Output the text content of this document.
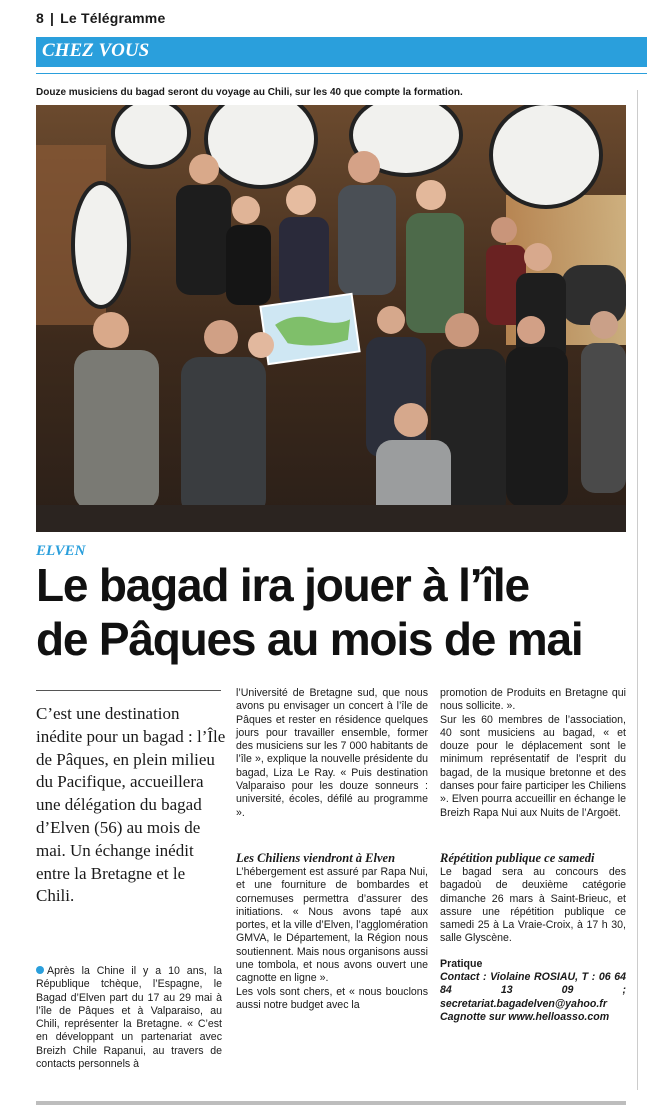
8 | Le Télégramme
CHEZ VOUS
Douze musiciens du bagad seront du voyage au Chili, sur les 40 que compte la formation.
ELVEN
Le bagad ira jouer à l’île
de Pâques au mois de mai
C’est une destination inédite pour un bagad : l’Île de Pâques, en plein milieu du Pacifique, accueillera une délégation du bagad d’Elven (56) au mois de mai. Un échange inédit entre la Bretagne et le Chili.

Après la Chine il y a 10 ans, la République tchèque, l’Espagne, le Bagad d’Elven part du 17 au 29 mai à l’île de Pâques et à Valparaiso, au Chili, représenter la Bretagne. « C’est en développant un partenariat avec Breizh Chile Rapanui, au travers de contacts personnels à

l’Université de Bretagne sud, que nous avons pu envisager un concert à l’île de Pâques et rester en résidence quelques jours pour travailler ensemble, former des musiciens sur les 7 000 habitants de l’île », explique la nouvelle présidente du bagad, Liza Le Ray. « Puis destination Valparaiso pour les douze sonneurs : université, écoles, défilé au programme ».

Les Chiliens viendront à Elven

L’hébergement est assuré par Rapa Nui, et une fourniture de bombardes et cornemuses permettra d’assurer des initiations. « Nous avons tapé aux portes, et la ville d’Elven, l’agglomération GMVA, le Département, la Région nous soutiennent. Mais nous organisons aussi une tombola, et nous avons ouvert une cagnotte en ligne ».

Les vols sont chers, et « nous bouclons aussi notre budget avec la

promotion de Produits en Bretagne qui nous sollicite. ».

Sur les 60 membres de l’association, 40 sont musiciens au bagad, « et douze pour le déplacement sont le minimum représentatif de l’esprit du bagad, de la musique bretonne et des danses pour faire participer les Chiliens ». Elven pourra accueillir en échange le Breizh Rapa Nui aux Nuits de l’Argoët.

Répétition publique ce samedi

Le bagad sera au concours des bagadoù de deuxième catégorie dimanche 26 mars à Saint-Brieuc, et assure une répétition publique ce samedi 25 à La Vraie-Croix, à 17 h 30, salle Glyscène.

Pratique

Contact : Violaine ROSIAU, T : 06 64 84 13 09 ; secretariat.bagadelven@yahoo.fr

Cagnotte sur www.helloasso.com
